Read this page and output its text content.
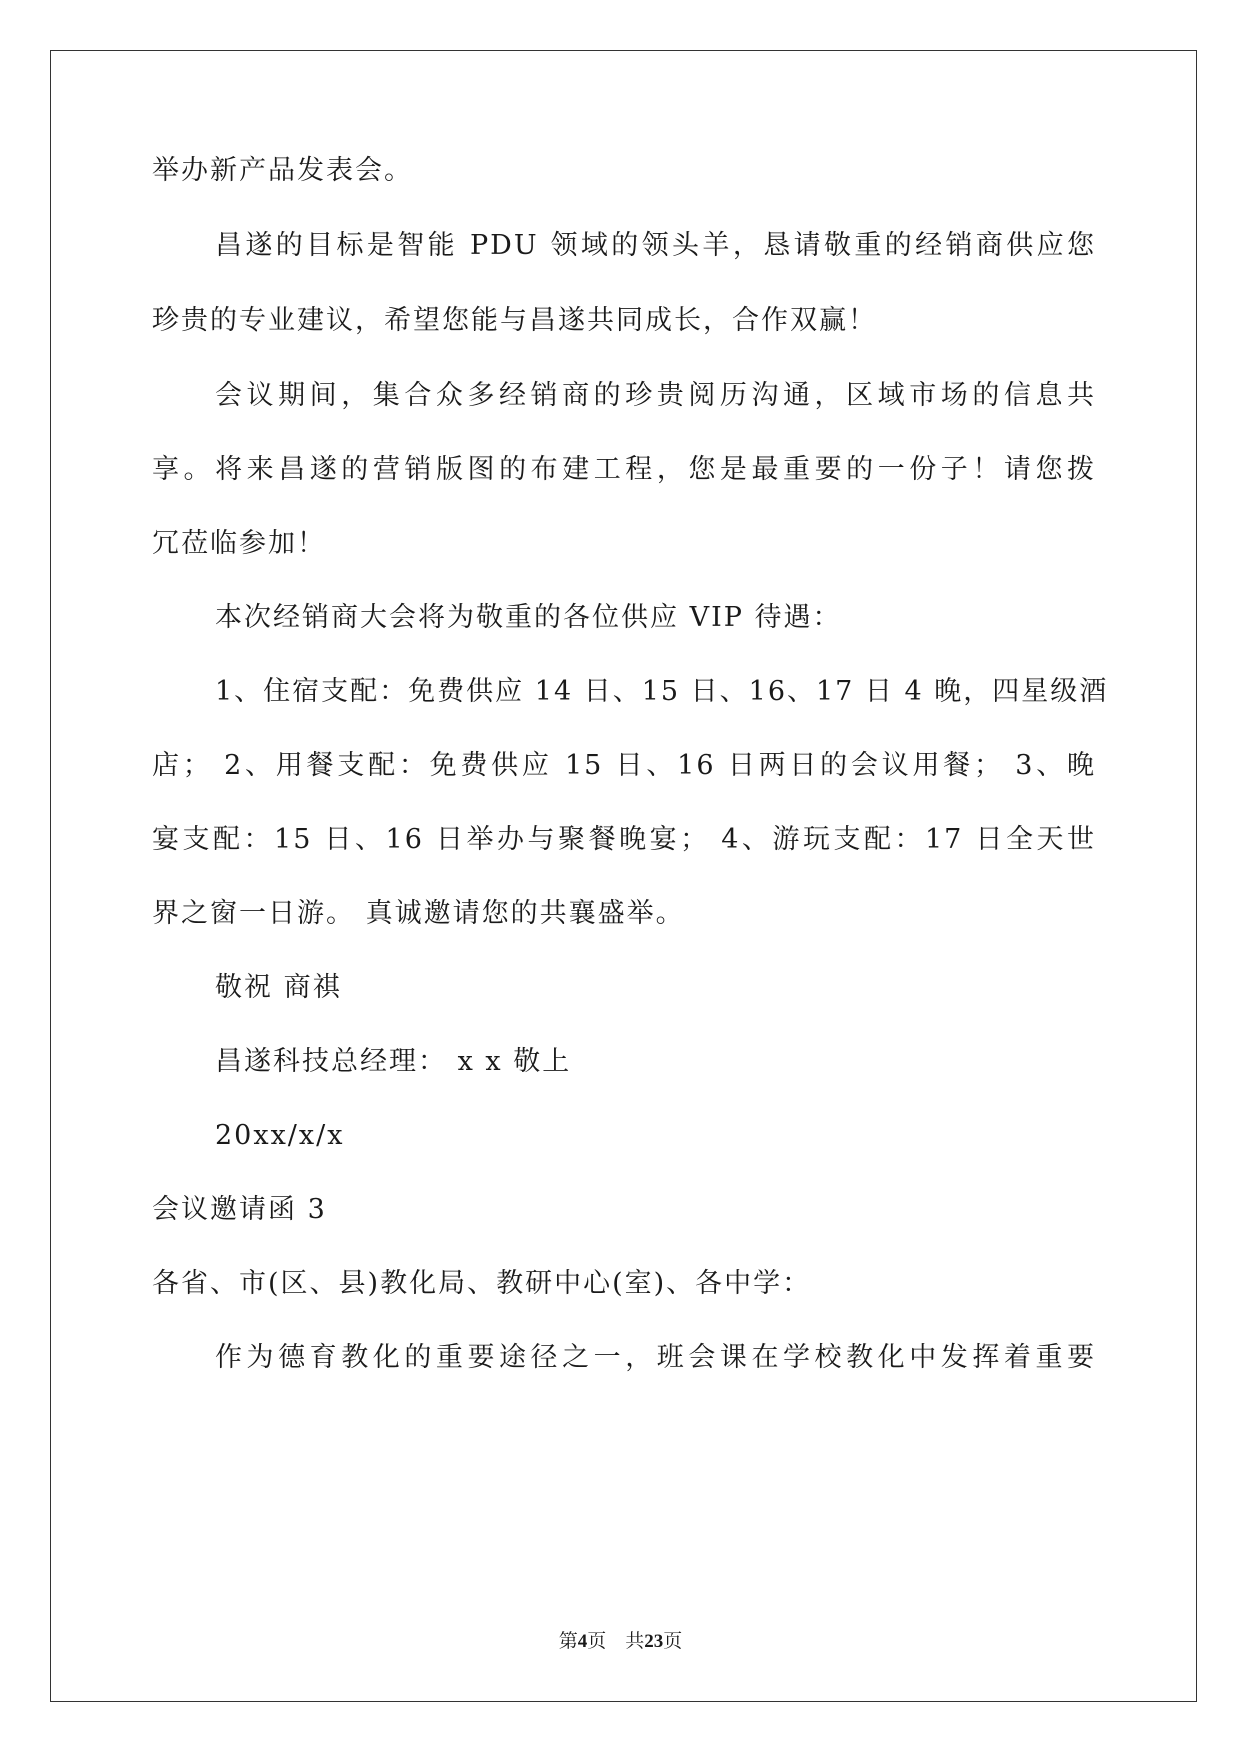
举办新产品发表会。
昌遂的目标是智能 PDU 领域的领头羊，恳请敬重的经销商供应您
珍贵的专业建议，希望您能与昌遂共同成长，合作双赢！
会议期间，集合众多经销商的珍贵阅历沟通，区域市场的信息共
享。将来昌遂的营销版图的布建工程，您是最重要的一份子！请您拨
冗莅临参加！
本次经销商大会将为敬重的各位供应 VIP 待遇：
1、住宿支配：免费供应 14 日、15 日、16、17 日 4 晚，四星级酒
店； 2、用餐支配：免费供应 15 日、16 日两日的会议用餐； 3、晚
宴支配：15 日、16 日举办与聚餐晚宴； 4、游玩支配：17 日全天世
界之窗一日游。 真诚邀请您的共襄盛举。
敬祝 商祺
昌遂科技总经理： x x 敬上
20xx/x/x
会议邀请函 3
各省、市(区、县)教化局、教研中心(室)、各中学：
作为德育教化的重要途径之一，班会课在学校教化中发挥着重要
第4页　共23页
